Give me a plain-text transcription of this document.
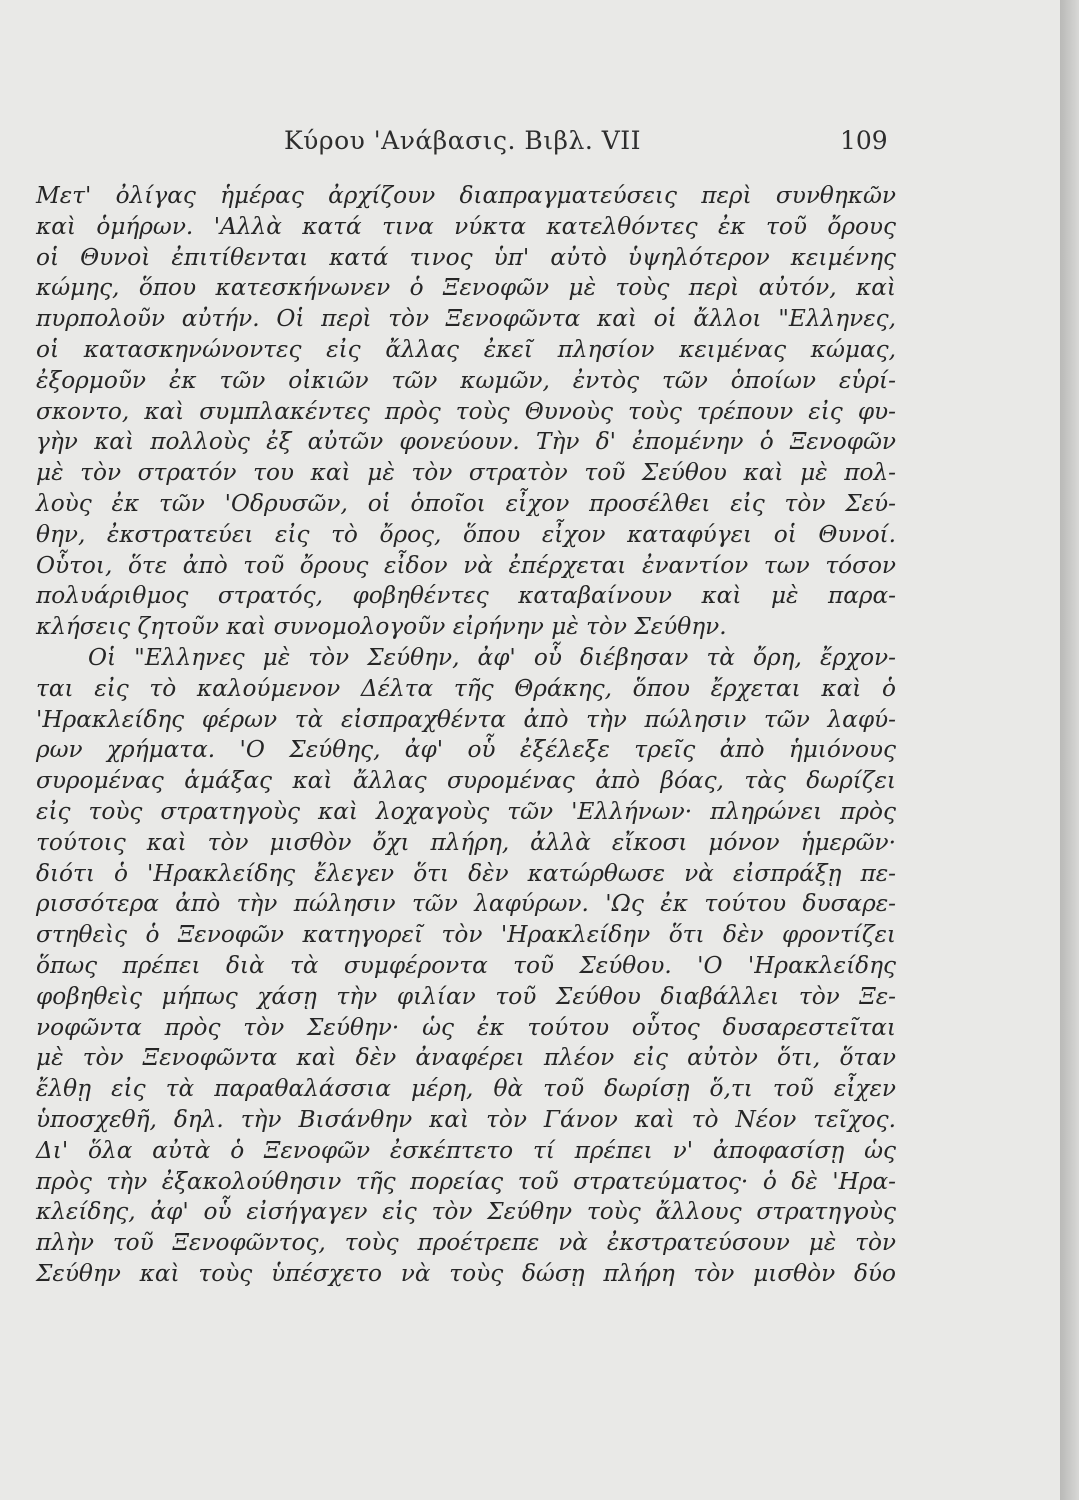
Κύρου 'Ανάβασις. Βιβλ. VII	109
Μετ' ὀλίγας ἡμέρας ἀρχίζουν διαπραγματεύσεις περὶ συνθηκῶν
καὶ ὁμήρων. 'Αλλὰ κατά τινα νύκτα κατελθόντες ἐκ τοῦ ὄρους
οἱ Θυνοὶ ἐπιτίθενται κατά τινος ὑπ' αὐτὸ ὑψηλότερον κειμένης
κώμης, ὅπου κατεσκήνωνεν ὁ Ξενοφῶν μὲ τοὺς περὶ αὐτόν, καὶ
πυρπολοῦν αὐτήν. Οἱ περὶ τὸν Ξενοφῶντα καὶ οἱ ἄλλοι "Ελληνες,
οἱ κατασκηνώνοντες εἰς ἄλλας ἐκεῖ πλησίον κειμένας κώμας,
ἐξορμοῦν ἐκ τῶν οἰκιῶν τῶν κωμῶν, ἐντὸς τῶν ὁποίων εὑρί-
σκοντο, καὶ συμπλακέντες πρὸς τοὺς Θυνοὺς τοὺς τρέπουν εἰς φυ-
γὴν καὶ πολλοὺς ἐξ αὐτῶν φονεύουν. Τὴν δ' ἐπομένην ὁ Ξενοφῶν
μὲ τὸν στρατόν του καὶ μὲ τὸν στρατὸν τοῦ Σεύθου καὶ μὲ πολ-
λοὺς ἐκ τῶν 'Οδρυσῶν, οἱ ὁποῖοι εἶχον προσέλθει εἰς τὸν Σεύ-
θην, ἐκστρατεύει εἰς τὸ ὄρος, ὅπου εἶχον καταφύγει οἱ Θυνοί.
Οὗτοι, ὅτε ἀπὸ τοῦ ὄρους εἶδον νὰ ἐπέρχεται ἐναντίον των τόσον
πολυάριθμος στρατός, φοβηθέντες καταβαίνουν καὶ μὲ παρα-
κλήσεις ζητοῦν καὶ συνομολογοῦν εἰρήνην μὲ τὸν Σεύθην.
Οἱ "Ελληνες μὲ τὸν Σεύθην, ἀφ' οὗ διέβησαν τὰ ὄρη, ἔρχον-
ται εἰς τὸ καλούμενον Δέλτα τῆς Θράκης, ὅπου ἔρχεται καὶ ὁ
'Ηρακλείδης φέρων τὰ εἰσπραχθέντα ἀπὸ τὴν πώλησιν τῶν λαφύ-
ρων χρήματα. 'Ο Σεύθης, ἀφ' οὗ ἐξέλεξε τρεῖς ἀπὸ ἡμιόνους
συρομένας ἁμάξας καὶ ἄλλας συρομένας ἀπὸ βόας, τὰς δωρίζει
εἰς τοὺς στρατηγοὺς καὶ λοχαγοὺς τῶν 'Ελλήνων· πληρώνει πρὸς
τούτοις καὶ τὸν μισθὸν ὄχι πλήρη, ἀλλὰ εἴκοσι μόνον ἡμερῶν·
διότι ὁ 'Ηρακλείδης ἔλεγεν ὅτι δὲν κατώρθωσε νὰ εἰσπράξῃ πε-
ρισσότερα ἀπὸ τὴν πώλησιν τῶν λαφύρων. 'Ως ἐκ τούτου δυσαρε-
στηθεὶς ὁ Ξενοφῶν κατηγορεῖ τὸν 'Ηρακλείδην ὅτι δὲν φροντίζει
ὅπως πρέπει διὰ τὰ συμφέροντα τοῦ Σεύθου. 'Ο 'Ηρακλείδης
φοβηθεὶς μήπως χάσῃ τὴν φιλίαν τοῦ Σεύθου διαβάλλει τὸν Ξε-
νοφῶντα πρὸς τὸν Σεύθην· ὡς ἐκ τούτου οὗτος δυσαρεστεῖται
μὲ τὸν Ξενοφῶντα καὶ δὲν ἀναφέρει πλέον εἰς αὐτὸν ὅτι, ὅταν
ἔλθῃ εἰς τὰ παραθαλάσσια μέρη, θὰ τοῦ δωρίσῃ ὅ,τι τοῦ εἶχεν
ὑποσχεθῆ, δηλ. τὴν Βισάνθην καὶ τὸν Γάνον καὶ τὸ Νέον τεῖχος.
Δι' ὅλα αὐτὰ ὁ Ξενοφῶν ἐσκέπτετο τί πρέπει ν' ἀποφασίσῃ ὡς
πρὸς τὴν ἐξακολούθησιν τῆς πορείας τοῦ στρατεύματος· ὁ δὲ 'Ηρα-
κλείδης, ἀφ' οὗ εἰσήγαγεν εἰς τὸν Σεύθην τοὺς ἄλλους στρατηγοὺς
πλὴν τοῦ Ξενοφῶντος, τοὺς προέτρεπε νὰ ἐκστρατεύσουν μὲ τὸν
Σεύθην καὶ τοὺς ὑπέσχετο νὰ τοὺς δώσῃ πλήρη τὸν μισθὸν δύο
